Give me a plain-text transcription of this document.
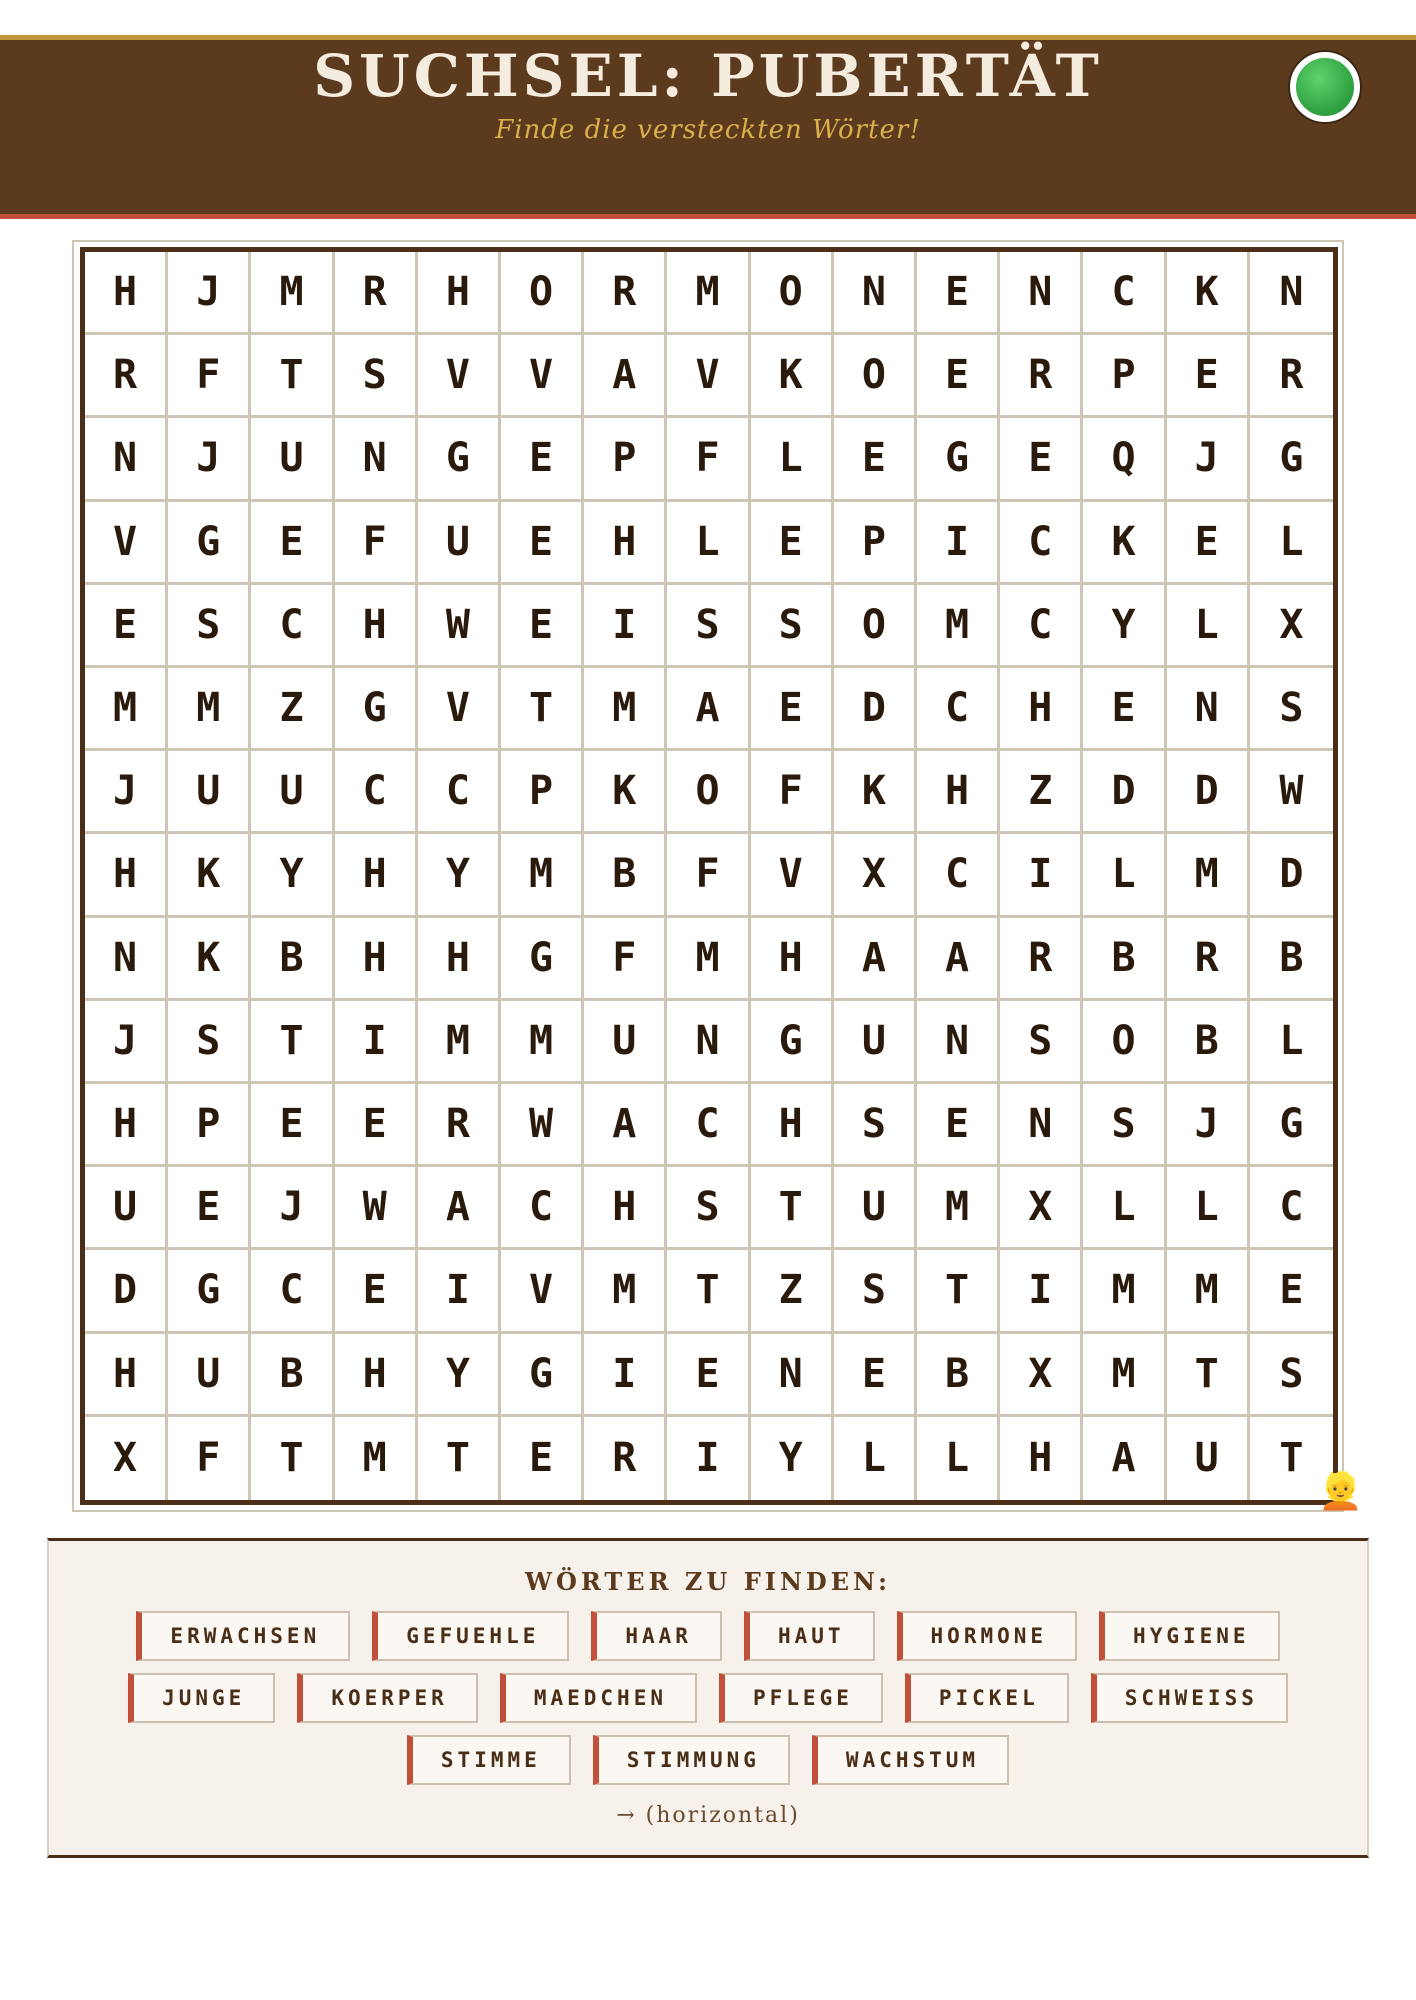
SUCHSEL: PUBERTÄT
Finde die versteckten Wörter!
H	J	M	R	H	O	R	M	O	N	E	N	C	K	N
R	F	T	S	V	V	A	V	K	O	E	R	P	E	R
N	J	U	N	G	E	P	F	L	E	G	E	Q	J	G
V	G	E	F	U	E	H	L	E	P	I	C	K	E	L
E	S	C	H	W	E	I	S	S	O	M	C	Y	L	X
M	M	Z	G	V	T	M	A	E	D	C	H	E	N	S
J	U	U	C	C	P	K	O	F	K	H	Z	D	D	W
H	K	Y	H	Y	M	B	F	V	X	C	I	L	M	D
N	K	B	H	H	G	F	M	H	A	A	R	B	R	B
J	S	T	I	M	M	U	N	G	U	N	S	O	B	L
H	P	E	E	R	W	A	C	H	S	E	N	S	J	G
U	E	J	W	A	C	H	S	T	U	M	X	L	L	C
D	G	C	E	I	V	M	T	Z	S	T	I	M	M	E
H	U	B	H	Y	G	I	E	N	E	B	X	M	T	S
X	F	T	M	T	E	R	I	Y	L	L	H	A	U	T
👱
WÖRTER ZU FINDEN:
ERWACHSEN	GEFUEHLE	HAAR	HAUT	HORMONE	HYGIENE
JUNGE	KOERPER	MAEDCHEN	PFLEGE	PICKEL	SCHWEISS
STIMME	STIMMUNG	WACHSTUM
→ (horizontal)
